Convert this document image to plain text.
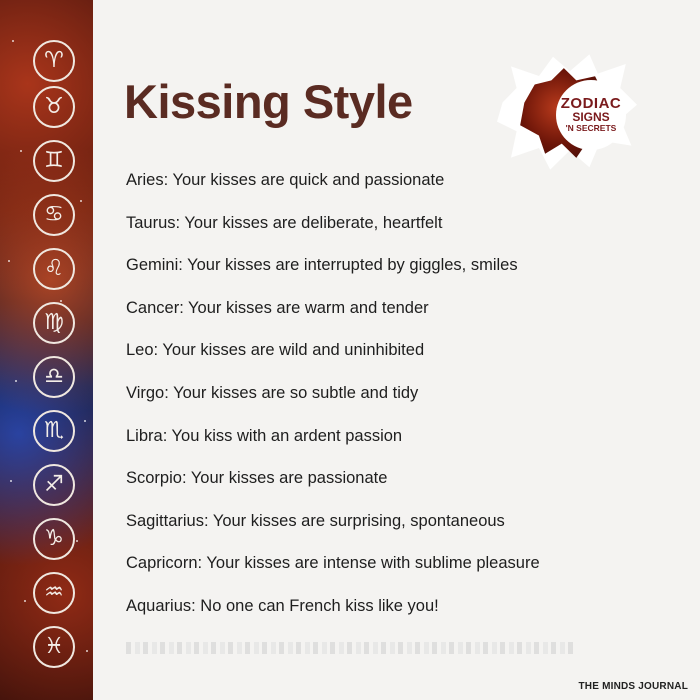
♈
♉
♊
♋
♌
♍
♎
♏
♐
♑
♒
♓
Kissing Style	ZODIAC
SIGNS
'N SECRETS
Aries: Your kisses are quick and passionate
Taurus: Your kisses are deliberate, heartfelt
Gemini: Your kisses are interrupted by giggles, smiles
Cancer: Your kisses are warm and tender
Leo: Your kisses are wild and uninhibited
Virgo: Your kisses are so subtle and tidy
Libra: You kiss with an ardent passion
Scorpio: Your kisses are passionate
Sagittarius: Your kisses are surprising, spontaneous
Capricorn: Your kisses are intense with sublime pleasure
Aquarius: No one can French kiss like you!
THE MINDS JOURNAL
